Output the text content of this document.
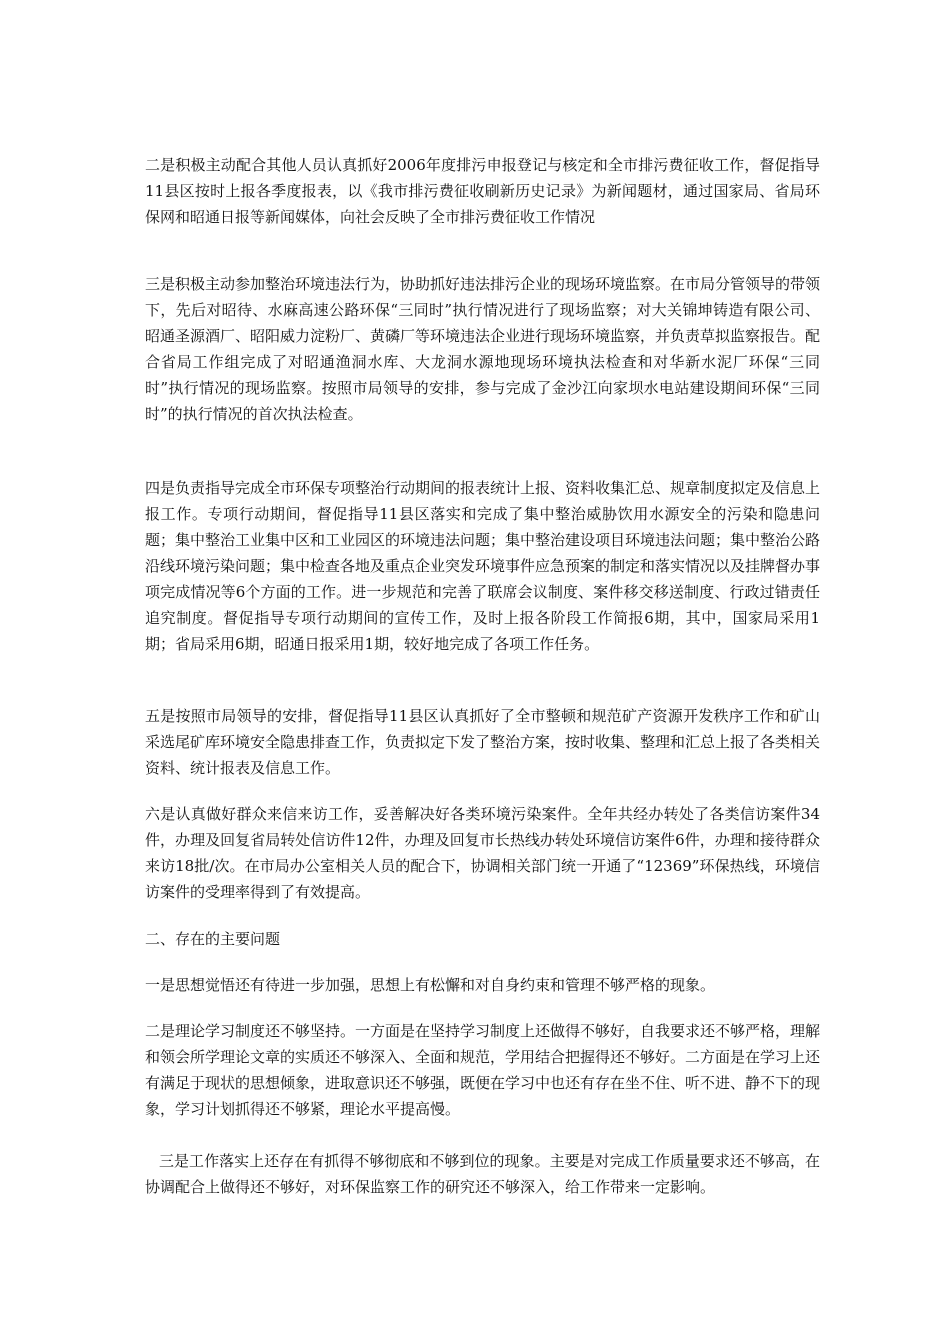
二是积极主动配合其他人员认真抓好2006年度排污申报登记与核定和全市排污费征收工作，督促指导11县区按时上报各季度报表，以《我市排污费征收刷新历史记录》为新闻题材，通过国家局、省局环保网和昭通日报等新闻媒体，向社会反映了全市排污费征收工作情况

三是积极主动参加整治环境违法行为，协助抓好违法排污企业的现场环境监察。在市局分管领导的带领下，先后对昭待、水麻高速公路环保“三同时”执行情况进行了现场监察；对大关锦坤铸造有限公司、昭通圣源酒厂、昭阳威力淀粉厂、黄磷厂等环境违法企业进行现场环境监察，并负责草拟监察报告。配合省局工作组完成了对昭通渔洞水库、大龙洞水源地现场环境执法检查和对华新水泥厂环保“三同时”执行情况的现场监察。按照市局领导的安排，参与完成了金沙江向家坝水电站建设期间环保“三同时”的执行情况的首次执法检查。

四是负责指导完成全市环保专项整治行动期间的报表统计上报、资料收集汇总、规章制度拟定及信息上报工作。专项行动期间，督促指导11县区落实和完成了集中整治威胁饮用水源安全的污染和隐患问题；集中整治工业集中区和工业园区的环境违法问题；集中整治建设项目环境违法问题；集中整治公路沿线环境污染问题；集中检查各地及重点企业突发环境事件应急预案的制定和落实情况以及挂牌督办事项完成情况等6个方面的工作。进一步规范和完善了联席会议制度、案件移交移送制度、行政过错责任追究制度。督促指导专项行动期间的宣传工作，及时上报各阶段工作简报6期，其中，国家局采用1期；省局采用6期，昭通日报采用1期，较好地完成了各项工作任务。

五是按照市局领导的安排，督促指导11县区认真抓好了全市整顿和规范矿产资源开发秩序工作和矿山采选尾矿库环境安全隐患排查工作，负责拟定下发了整治方案，按时收集、整理和汇总上报了各类相关资料、统计报表及信息工作。

六是认真做好群众来信来访工作，妥善解决好各类环境污染案件。全年共经办转处了各类信访案件34件，办理及回复省局转处信访件12件，办理及回复市长热线办转处环境信访案件6件，办理和接待群众来访18批/次。在市局办公室相关人员的配合下，协调相关部门统一开通了“12369”环保热线，环境信访案件的受理率得到了有效提高。

二、存在的主要问题

一是思想觉悟还有待进一步加强，思想上有松懈和对自身约束和管理不够严格的现象。

二是理论学习制度还不够坚持。一方面是在坚持学习制度上还做得不够好，自我要求还不够严格，理解和领会所学理论文章的实质还不够深入、全面和规范，学用结合把握得还不够好。二方面是在学习上还有满足于现状的思想倾象，进取意识还不够强，既便在学习中也还有存在坐不住、听不进、静不下的现象，学习计划抓得还不够紧，理论水平提高慢。

三是工作落实上还存在有抓得不够彻底和不够到位的现象。主要是对完成工作质量要求还不够高，在协调配合上做得还不够好，对环保监察工作的研究还不够深入，给工作带来一定影响。
